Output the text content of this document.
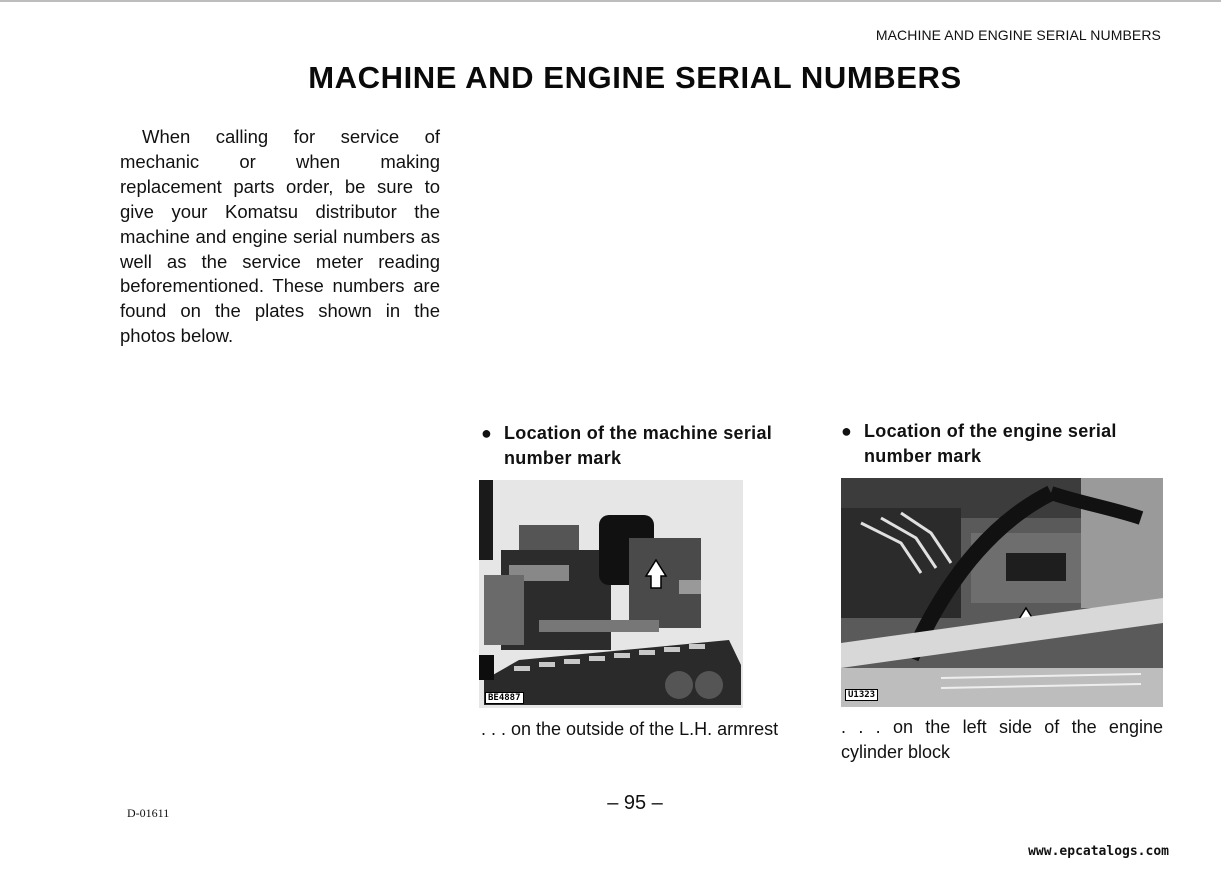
MACHINE AND ENGINE SERIAL NUMBERS
MACHINE AND ENGINE SERIAL NUMBERS

When calling for service of mechanic or when making replacement parts order, be sure to give your Komatsu distributor the machine and engine serial numbers as well as the service meter reading beforementioned. These numbers are found on the plates shown in the photos below.

● Location of the machine serial
number mark
BE4887
. . . on the outside of the L.H. armrest
● Location of the engine serial
number mark
U1323
. . . on the left side of the engine cylinder block
– 95 –
D-01611
www.epcatalogs.com
